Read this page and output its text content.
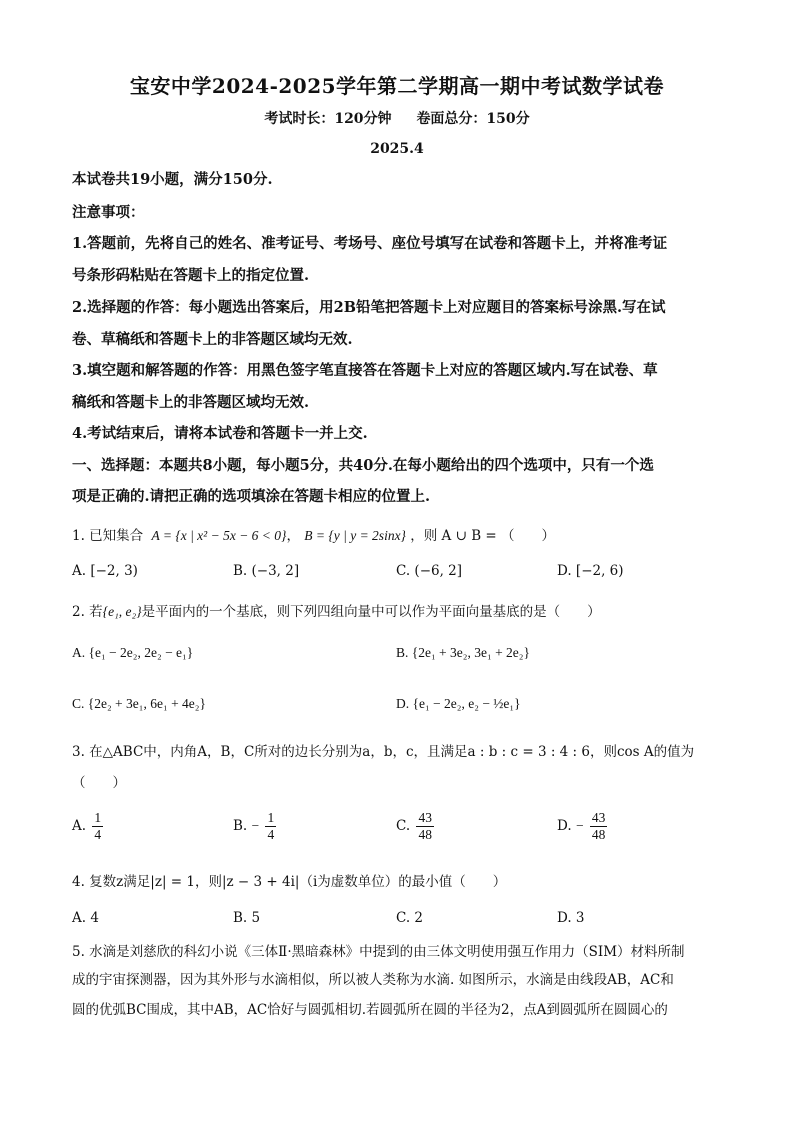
宝安中学2024-2025学年第二学期高一期中考试数学试卷
考试时长：120分钟 卷面总分：150分
2025.4
本试卷共19小题，满分150分.
注意事项：
1.答题前，先将自己的姓名、准考证号、考场号、座位号填写在试卷和答题卡上，并将准考证
号条形码粘贴在答题卡上的指定位置.
2.选择题的作答：每小题选出答案后，用2B铅笔把答题卡上对应题目的答案标号涂黑.写在试
卷、草稿纸和答题卡上的非答题区域均无效.
3.填空题和解答题的作答：用黑色签字笔直接答在答题卡上对应的答题区域内.写在试卷、草
稿纸和答题卡上的非答题区域均无效.
4.考试结束后，请将本试卷和答题卡一并上交.
一、选择题：本题共8小题，每小题5分，共40分.在每小题给出的四个选项中，只有一个选
项是正确的.请把正确的选项填涂在答题卡相应的位置上.
1. 已知集合 A = {x | x² − 5x − 6 < 0}， B = {y | y = 2sinx} ，则 A ∪ B = （　　）
A. [−2, 3)	B. (−3, 2]	C. (−6, 2]	D. [−2, 6)
2. 若{e₁, e₂}是平面内的一个基底，则下列四组向量中可以作为平面向量基底的是（　　）
A. {e₁ − 2e₂, 2e₂ − e₁}	B. {2e₁ + 3e₂, 3e₁ + 2e₂}
C. {2e₂ + 3e₁, 6e₁ + 4e₂}	D. {e₁ − 2e₂, e₂ − ½e₁}
3. 在△ABC中，内角A，B，C所对的边长分别为a，b，c，且满足a : b : c = 3 : 4 : 6，则cos A的值为
（　　）
A. $\frac{1}{4}$	B. − $\frac{1}{4}$	C. $\frac{43}{48}$	D. − $\frac{43}{48}$
4. 复数z满足|z| = 1，则|z − 3 + 4i|（i为虚数单位）的最小值（　　）
A. 4	B. 5	C. 2	D. 3
5. 水滴是刘慈欣的科幻小说《三体Ⅱ·黑暗森林》中提到的由三体文明使用强互作用力（SIM）材料所制
成的宇宙探测器，因为其外形与水滴相似，所以被人类称为水滴. 如图所示，水滴是由线段AB，AC和
圆的优弧BC围成，其中AB，AC恰好与圆弧相切.若圆弧所在圆的半径为2，点A到圆弧所在圆圆心的
